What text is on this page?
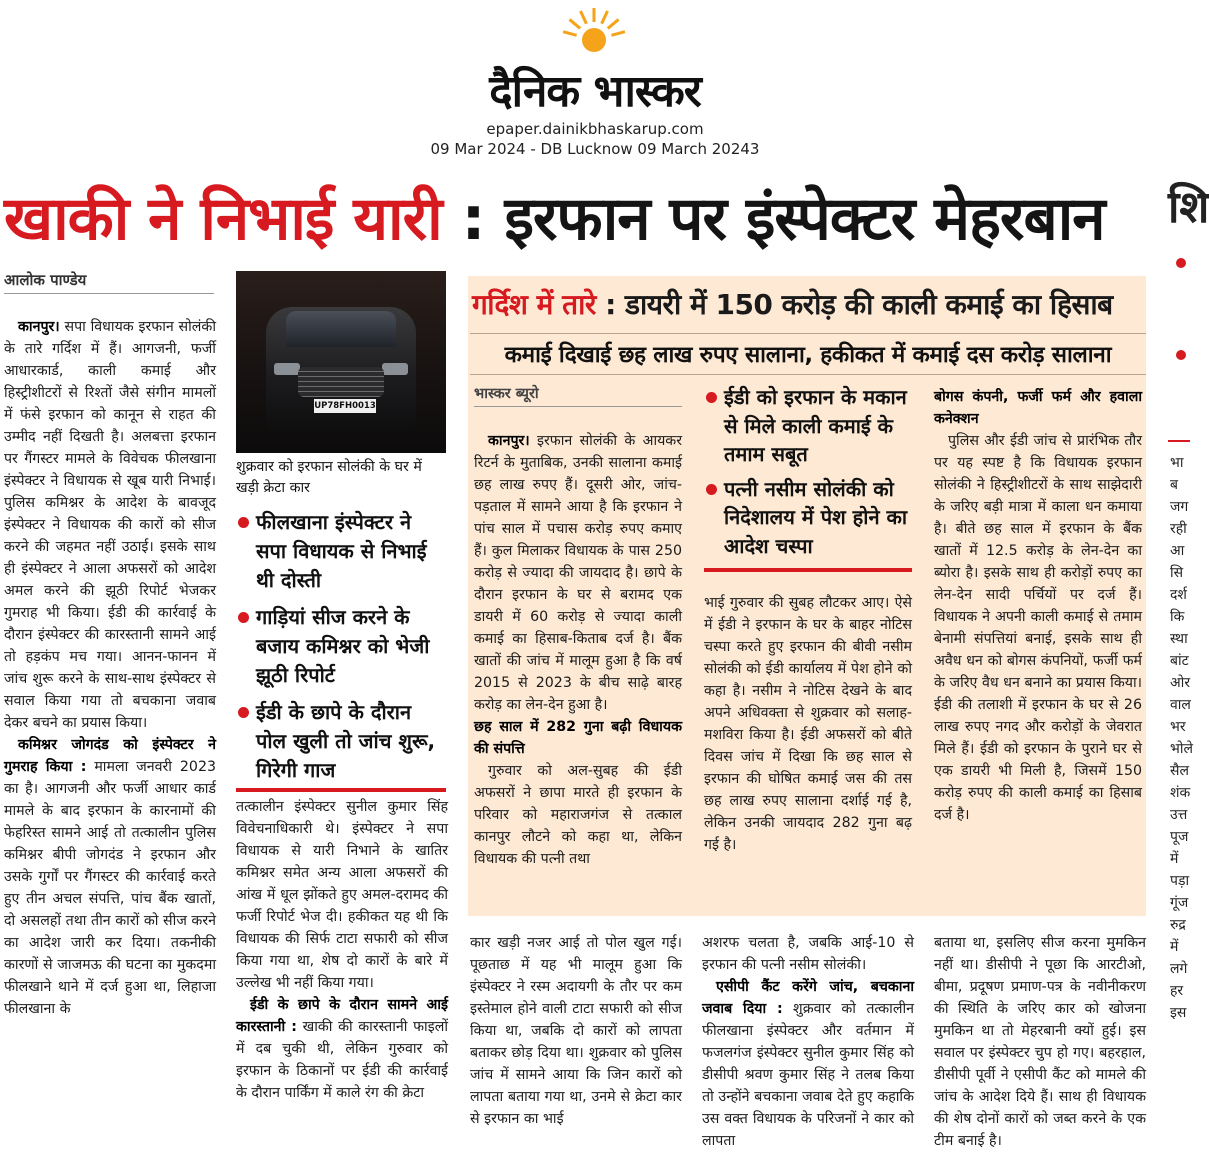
दैनिक भास्कर
epaper.dainikbhaskarup.com
09 Mar 2024 - DB Lucknow 09 March 20243
खाकी ने निभाई यारी : इरफान पर इंस्पेक्टर मेहरबान	शि
भा
ब
जग
रही
आ
सि
दर्श
कि
स्था
बांट
ओर
वाल
भर
भोले
सैल
शंक
उत्त
पूज
में
पड़ा
गूंज
रुद्र
में
लगे
हर
इस
आलोक पाण्डेय

कानपुर। सपा विधायक इरफान सोलंकी के तारे गर्दिश में हैं। आगजनी, फर्जी आधारकार्ड, काली कमाई और हिस्ट्रीशीटरों से रिश्तों जैसे संगीन मामलों में फंसे इरफान को कानून से राहत की उम्मीद नहीं दिखती है। अलबत्ता इरफान पर गैंगस्टर मामले के विवेचक फीलखाना इंस्पेक्टर ने विधायक से खूब यारी निभाई। पुलिस कमिश्नर के आदेश के बावजूद इंस्पेक्टर ने विधायक की कारों को सीज करने की जहमत नहीं उठाई। इसके साथ ही इंस्पेक्टर ने आला अफसरों को आदेश अमल करने की झूठी रिपोर्ट भेजकर गुमराह भी किया। ईडी की कार्रवाई के दौरान इंस्पेक्टर की कारस्तानी सामने आई तो हड़कंप मच गया। आनन-फानन में जांच शुरू करने के साथ-साथ इंस्पेक्टर से सवाल किया गया तो बचकाना जवाब देकर बचने का प्रयास किया।

कमिश्नर जोगदंड को इंस्पेक्टर ने गुमराह किया : मामला जनवरी 2023 का है। आगजनी और फर्जी आधार कार्ड मामले के बाद इरफान के कारनामों की फेहरिस्त सामने आई तो तत्कालीन पुलिस कमिश्नर बीपी जोगदंड ने इरफान और उसके गुर्गों पर गैंगस्टर की कार्रवाई करते हुए तीन अचल संपत्ति, पांच बैंक खातों, दो असलहों तथा तीन कारों को सीज करने का आदेश जारी कर दिया। तकनीकी कारणों से जाजमऊ की घटना का मुकदमा फीलखाने थाने में दर्ज हुआ था, लिहाजा फीलखाना के

UP78FH0013
शुक्रवार को इरफान सोलंकी के घर में खड़ी क्रेटा कार
फीलखाना इंस्पेक्टर ने सपा विधायक से निभाई थी दोस्ती
गाड़ियां सीज करने के बजाय कमिश्नर को भेजी झूठी रिपोर्ट
ईडी के छापे के दौरान पोल खुली तो जांच शुरू, गिरेगी गाज

तत्कालीन इंस्पेक्टर सुनील कुमार सिंह विवेचनाधिकारी थे। इंस्पेक्टर ने सपा विधायक से यारी निभाने के खातिर कमिश्नर समेत अन्य आला अफसरों की आंख में धूल झोंकते हुए अमल-दरामद की फर्जी रिपोर्ट भेज दी। हकीकत यह थी कि विधायक की सिर्फ टाटा सफारी को सीज किया गया था, शेष दो कारों के बारे में उल्लेख भी नहीं किया गया।

ईडी के छापे के दौरान सामने आई कारस्तानी : खाकी की कारस्तानी फाइलों में दब चुकी थी, लेकिन गुरुवार को इरफान के ठिकानों पर ईडी की कार्रवाई के दौरान पार्किंग में काले रंग की क्रेटा

गर्दिश में तारे : डायरी में 150 करोड़ की काली कमाई का हिसाब
कमाई दिखाई छह लाख रुपए सालाना, हकीकत में कमाई दस करोड़ सालाना
भास्कर ब्यूरो

कानपुर। इरफान सोलंकी के आयकर रिटर्न के मुताबिक, उनकी सालाना कमाई छह लाख रुपए हैं। दूसरी ओर, जांच-पड़ताल में सामने आया है कि इरफान ने पांच साल में पचास करोड़ रुपए कमाए हैं। कुल मिलाकर विधायक के पास 250 करोड़ से ज्यादा की जायदाद है। छापे के दौरान इरफान के घर से बरामद एक डायरी में 60 करोड़ से ज्यादा काली कमाई का हिसाब-किताब दर्ज है। बैंक खातों की जांच में मालूम हुआ है कि वर्ष 2015 से 2023 के बीच साढ़े बारह करोड़ का लेन-देन हुआ है।

छह साल में 282 गुना बढ़ी विधायक की संपत्ति

गुरुवार को अल-सुबह की ईडी अफसरों ने छापा मारते ही इरफान के परिवार को महाराजगंज से तत्काल कानपुर लौटने को कहा था, लेकिन विधायक की पत्नी तथा

ईडी को इरफान के मकान से मिले काली कमाई के तमाम सबूत
पत्नी नसीम सोलंकी को निदेशालय में पेश होने का आदेश चस्पा

भाई गुरुवार की सुबह लौटकर आए। ऐसे में ईडी ने इरफान के घर के बाहर नोटिस चस्पा करते हुए इरफान की बीवी नसीम सोलंकी को ईडी कार्यालय में पेश होने को कहा है। नसीम ने नोटिस देखने के बाद अपने अधिवक्ता से शुक्रवार को सलाह-मशविरा किया है। ईडी अफसरों को बीते दिवस जांच में दिखा कि छह साल से इरफान की घोषित कमाई जस की तस छह लाख रुपए सालाना दर्शाई गई है, लेकिन उनकी जायदाद 282 गुना बढ़ गई है।

बोगस कंपनी, फर्जी फर्म और हवाला कनेक्शन

पुलिस और ईडी जांच से प्रारंभिक तौर पर यह स्पष्ट है कि विधायक इरफान सोलंकी ने हिस्ट्रीशीटरों के साथ साझेदारी के जरिए बड़ी मात्रा में काला धन कमाया है। बीते छह साल में इरफान के बैंक खातों में 12.5 करोड़ के लेन-देन का ब्योरा है। इसके साथ ही करोड़ों रुपए का लेन-देन सादी पर्चियों पर दर्ज हैं। विधायक ने अपनी काली कमाई से तमाम बेनामी संपत्तियां बनाई, इसके साथ ही अवैध धन को बोगस कंपनियों, फर्जी फर्म के जरिए वैध धन बनाने का प्रयास किया। ईडी की तलाशी में इरफान के घर से 26 लाख रुपए नगद और करोड़ों के जेवरात मिले हैं। ईडी को इरफान के पुराने घर से एक डायरी भी मिली है, जिसमें 150 करोड़ रुपए की काली कमाई का हिसाब दर्ज है।

कार खड़ी नजर आई तो पोल खुल गई। पूछताछ में यह भी मालूम हुआ कि इंस्पेक्टर ने रस्म अदायगी के तौर पर कम इस्तेमाल होने वाली टाटा सफारी को सीज किया था, जबकि दो कारों को लापता बताकर छोड़ दिया था। शुक्रवार को पुलिस जांच में सामने आया कि जिन कारों को लापता बताया गया था, उनमे से क्रेटा कार से इरफान का भाई

अशरफ चलता है, जबकि आई-10 से इरफान की पत्नी नसीम सोलंकी।

एसीपी कैंट करेंगे जांच, बचकाना जवाब दिया : शुक्रवार को तत्कालीन फीलखाना इंस्पेक्टर और वर्तमान में फजलगंज इंस्पेक्टर सुनील कुमार सिंह को डीसीपी श्रवण कुमार सिंह ने तलब किया तो उन्होंने बचकाना जवाब देते हुए कहाकि उस वक्त विधायक के परिजनों ने कार को लापता

बताया था, इसलिए सीज करना मुमकिन नहीं था। डीसीपी ने पूछा कि आरटीओ, बीमा, प्रदूषण प्रमाण-पत्र के नवीनीकरण की स्थिति के जरिए कार को खोजना मुमकिन था तो मेहरबानी क्यों हुई। इस सवाल पर इंस्पेक्टर चुप हो गए। बहरहाल, डीसीपी पूर्वी ने एसीपी कैंट को मामले की जांच के आदेश दिये हैं। साथ ही विधायक की शेष दोनों कारों को जब्त करने के एक टीम बनाई है।
